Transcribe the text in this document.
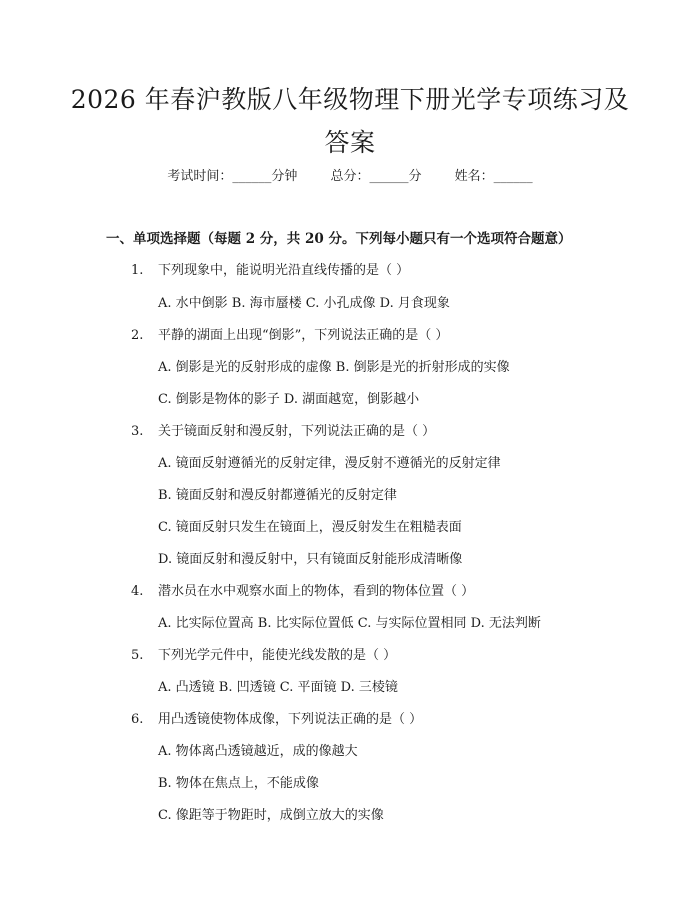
2026 年春沪教版八年级物理下册光学专项练习及答案
考试时间：______分钟	总分：______分	姓名：______
一、单项选择题（每题 2 分，共 20 分。下列每小题只有一个选项符合题意）
1. 下列现象中，能说明光沿直线传播的是（ ）
A. 水中倒影 B. 海市蜃楼 C. 小孔成像 D. 月食现象
2. 平静的湖面上出现“倒影”，下列说法正确的是（ ）
A. 倒影是光的反射形成的虚像 B. 倒影是光的折射形成的实像
C. 倒影是物体的影子 D. 湖面越宽，倒影越小
3. 关于镜面反射和漫反射，下列说法正确的是（ ）
A. 镜面反射遵循光的反射定律，漫反射不遵循光的反射定律
B. 镜面反射和漫反射都遵循光的反射定律
C. 镜面反射只发生在镜面上，漫反射发生在粗糙表面
D. 镜面反射和漫反射中，只有镜面反射能形成清晰像
4. 潜水员在水中观察水面上的物体，看到的物体位置（ ）
A. 比实际位置高 B. 比实际位置低 C. 与实际位置相同 D. 无法判断
5. 下列光学元件中，能使光线发散的是（ ）
A. 凸透镜 B. 凹透镜 C. 平面镜 D. 三棱镜
6. 用凸透镜使物体成像，下列说法正确的是（ ）
A. 物体离凸透镜越近，成的像越大
B. 物体在焦点上，不能成像
C. 像距等于物距时，成倒立放大的实像
